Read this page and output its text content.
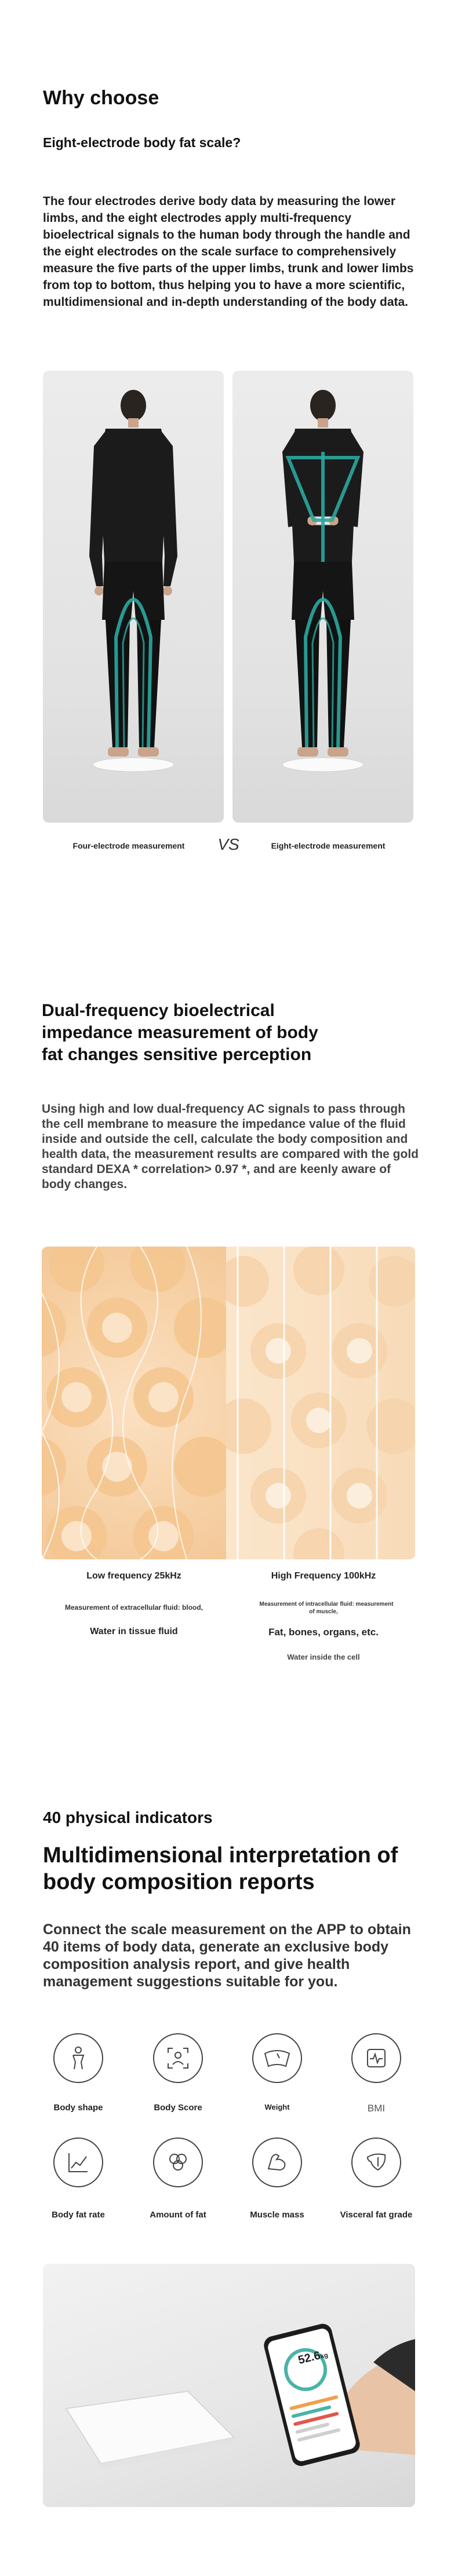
Why choose
Eight-electrode body fat scale?
The four electrodes derive body data by measuring the lower limbs, and the eight electrodes apply multi-frequency bioelectrical signals to the human body through the handle and the eight electrodes on the scale surface to comprehensively measure the five parts of the upper limbs, trunk and lower limbs from top to bottom, thus helping you to have a more scientific, multidimensional and in-depth understanding of the body data.
Four-electrode measurement	VS	Eight-electrode measurement
Dual-frequency bioelectrical
impedance measurement of body
fat changes sensitive perception
Using high and low dual-frequency AC signals to pass through the cell membrane to measure the impedance value of the fluid inside and outside the cell, calculate the body composition and health data, the measurement results are compared with the gold standard DEXA * correlation> 0.97 *, and are keenly aware of body changes.
Low frequency 25kHz
Measurement of extracellular fluid: blood,
Water in tissue fluid
High Frequency 100kHz
Measurement of intracellular fluid: measurement
of muscle,
Fat, bones, organs, etc.
Water inside the cell
40 physical indicators
Multidimensional interpretation of
body composition reports
Connect the scale measurement on the APP to obtain 40 items of body data, generate an exclusive body composition analysis report, and give health management suggestions suitable for you.
Body shape	Body Score	Weight	BMI
Body fat rate	Amount of fat	Muscle mass	Visceral fat grade
52.6kg
